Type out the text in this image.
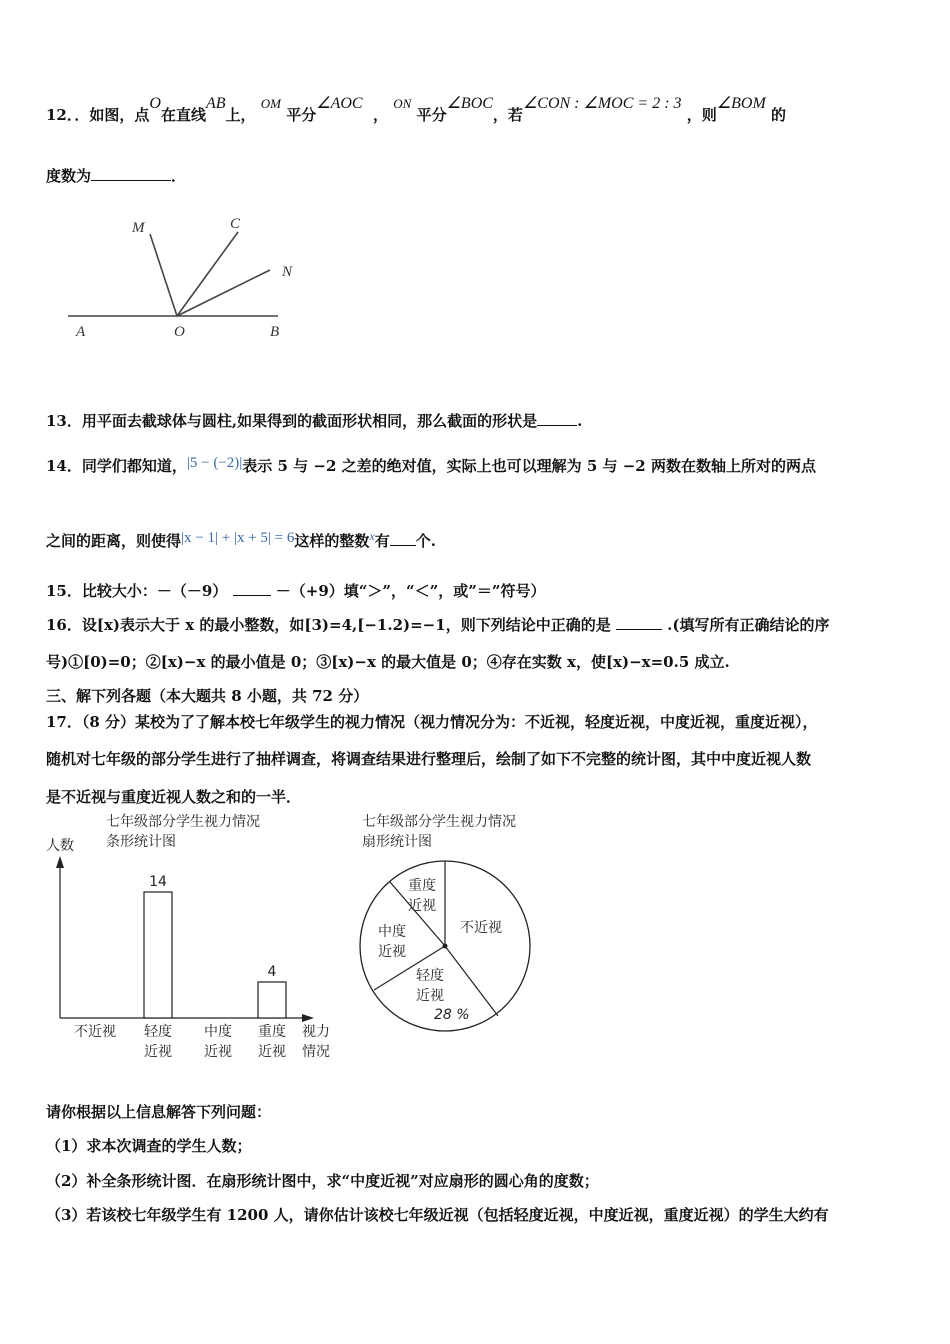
12．．如图，点O在直线AB上， OM 平分∠AOC  ， ON 平分∠BOC，若∠CON : ∠MOC = 2 : 3 ，则∠BOM 的
度数为	．
M	C
N
A	O	B
13．用平面去截球体与圆柱,如果得到的截面形状相同，那么截面的形状是	.
14．同学们都知道，|5 − (−2)|表示 5 与 −2 之差的绝对值，实际上也可以理解为 5 与 −2 两数在数轴上所对的两点
之间的距离，则使得|x − 1| + |x + 5| = 6这样的整数$^x$有 个.
15．比较大小：－（－9）	－（+9）填“＞”，“＜”，或”＝”符号）
16．设[x)表示大于 x 的最小整数，如[3)=4,[−1.2)=−1，则下列结论中正确的是	.(填写所有正确结论的序
号)①[0)=0；②[x)−x 的最小值是 0；③[x)−x 的最大值是 0；④存在实数 x，使[x)−x=0.5 成立.
三、解下列各题（本大题共 8 小题，共 72 分）
17．（8 分）某校为了了解本校七年级学生的视力情况（视力情况分为：不近视，轻度近视，中度近视，重度近视），
随机对七年级的部分学生进行了抽样调查，将调查结果进行整理后，绘制了如下不完整的统计图，其中中度近视人数
是不近视与重度近视人数之和的一半．
七年级部分学生视力情况
条形统计图
人数
14
4
不近视 轻度
近视
中度
近视
重度
近视
视力
情况
七年级部分学生视力情况
扇形统计图
不近视
轻度
近视
28 %
中度
近视
重度
近视
请你根据以上信息解答下列问题：
（1）求本次调查的学生人数；
（2）补全条形统计图．在扇形统计图中，求“中度近视”对应扇形的圆心角的度数；
（3）若该校七年级学生有 1200 人，请你估计该校七年级近视（包括轻度近视，中度近视，重度近视）的学生大约有
